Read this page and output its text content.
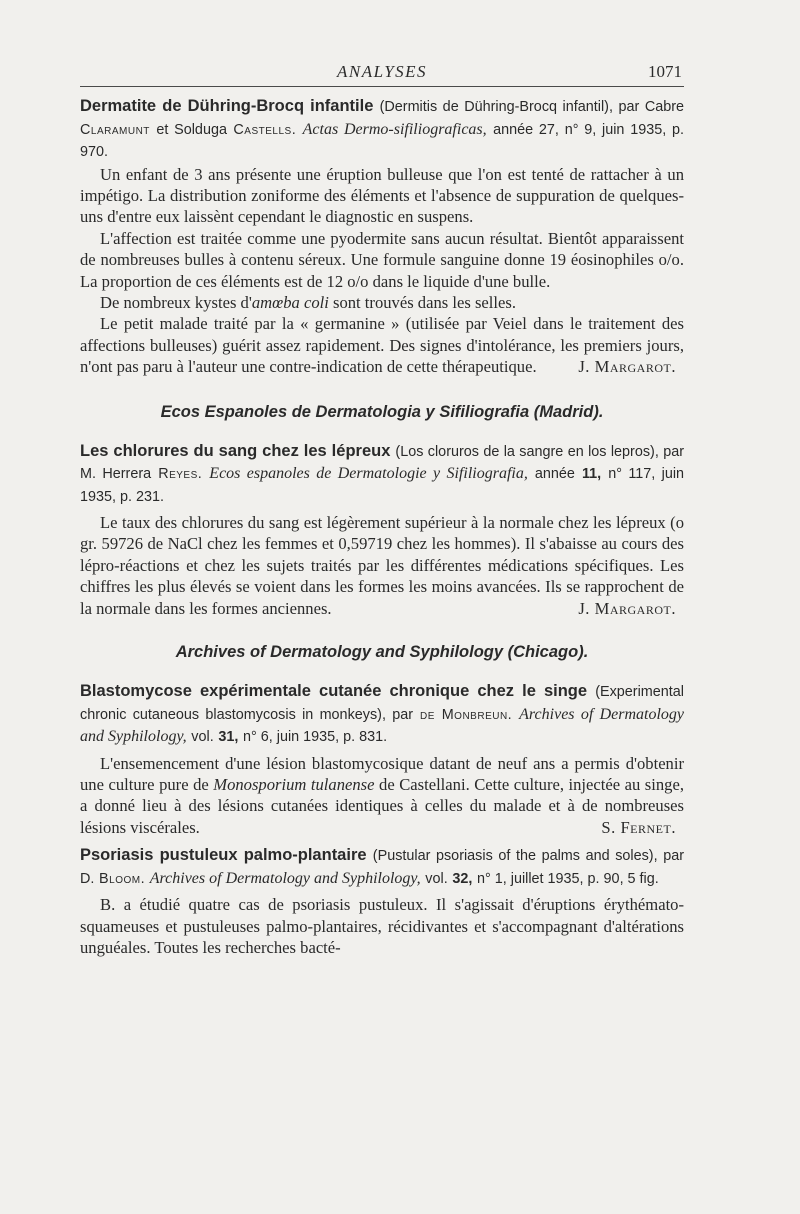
ANALYSES	1071

Dermatite de Dühring-Brocq infantile (Dermitis de Dühring-Brocq infantil), par Cabre Claramunt et Solduga Castells. Actas Dermo-sifiliograficas, année 27, n° 9, juin 1935, p. 970.

Un enfant de 3 ans présente une éruption bulleuse que l'on est tenté de rattacher à un impétigo. La distribution zoniforme des éléments et l'absence de suppuration de quelques-uns d'entre eux laissènt cependant le diagnostic en suspens.

L'affection est traitée comme une pyodermite sans aucun résultat. Bientôt apparaissent de nombreuses bulles à contenu séreux. Une formule sanguine donne 19 éosinophiles o/o. La proportion de ces éléments est de 12 o/o dans le liquide d'une bulle.

De nombreux kystes d'amœba coli sont trouvés dans les selles.

Le petit malade traité par la « germanine » (utilisée par Veiel dans le traitement des affections bulleuses) guérit assez rapidement. Des signes d'intolérance, les premiers jours, n'ont pas paru à l'auteur une contre-indication de cette thérapeutique.	J. Margarot.

Ecos Espanoles de Dermatologia y Sifiliografia (Madrid).

Les chlorures du sang chez les lépreux (Los cloruros de la sangre en los lepros), par M. Herrera Reyes. Ecos espanoles de Dermatologie y Sifiliografia, année 11, n° 117, juin 1935, p. 231.

Le taux des chlorures du sang est légèrement supérieur à la normale chez les lépreux (o gr. 59726 de NaCl chez les femmes et 0,59719 chez les hommes). Il s'abaisse au cours des lépro-réactions et chez les sujets traités par les différentes médications spécifiques. Les chiffres les plus élevés se voient dans les formes les moins avancées. Ils se rapprochent de la normale dans les formes anciennes.	J. Margarot.

Archives of Dermatology and Syphilology (Chicago).

Blastomycose expérimentale cutanée chronique chez le singe (Experimental chronic cutaneous blastomycosis in monkeys), par de Monbreun. Archives of Dermatology and Syphilology, vol. 31, n° 6, juin 1935, p. 831.

L'ensemencement d'une lésion blastomycosique datant de neuf ans a permis d'obtenir une culture pure de Monosporium tulanense de Castellani. Cette culture, injectée au singe, a donné lieu à des lésions cutanées identiques à celles du malade et à de nombreuses lésions viscérales.	S. Fernet.

Psoriasis pustuleux palmo-plantaire (Pustular psoriasis of the palms and soles), par D. Bloom. Archives of Dermatology and Syphilology, vol. 32, n° 1, juillet 1935, p. 90, 5 fig.

B. a étudié quatre cas de psoriasis pustuleux. Il s'agissait d'éruptions érythémato-squameuses et pustuleuses palmo-plantaires, récidivantes et s'accompagnant d'altérations unguéales. Toutes les recherches bacté-
